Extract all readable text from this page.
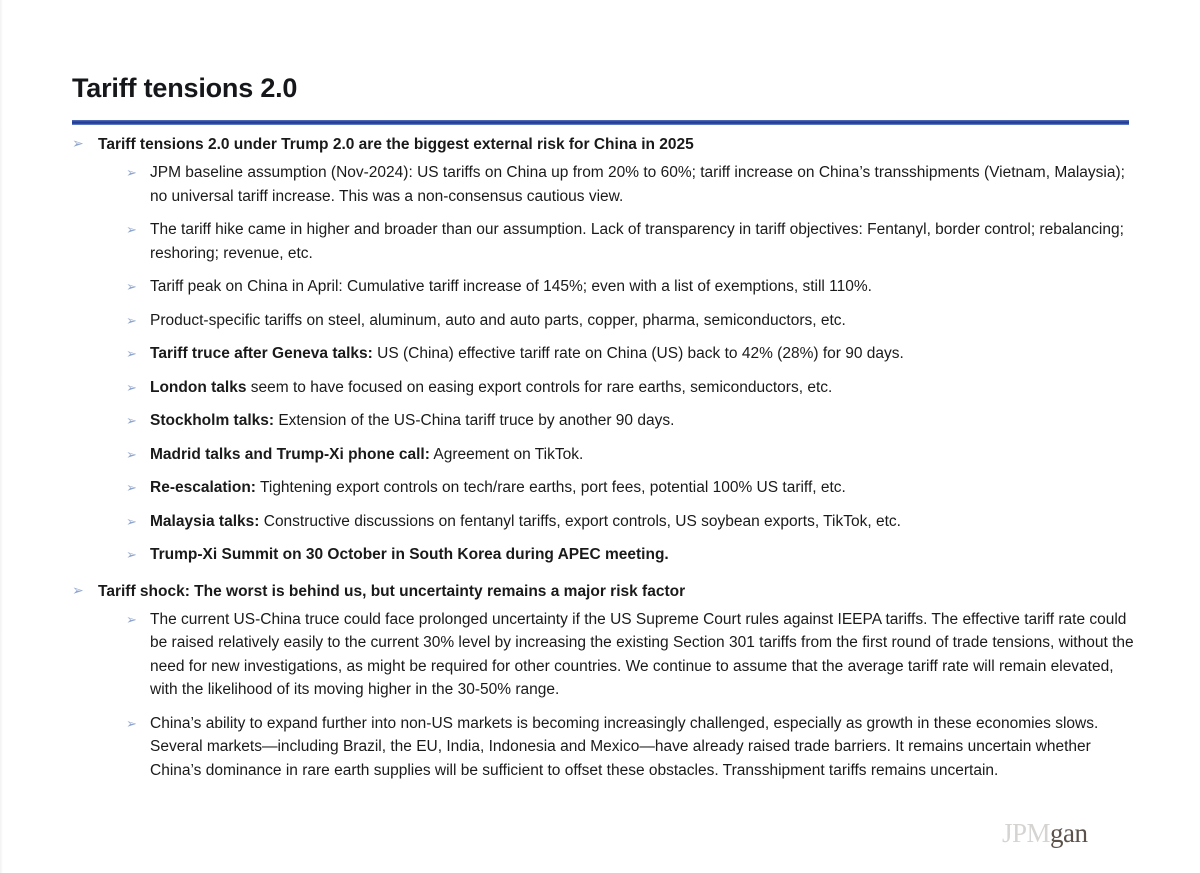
Tariff tensions 2.0
➢ Tariff tensions 2.0 under Trump 2.0 are the biggest external risk for China in 2025
➢ JPM baseline assumption (Nov-2024): US tariffs on China up from 20% to 60%; tariff increase on China’s transshipments (Vietnam, Malaysia); no universal tariff increase. This was a non-consensus cautious view.
➢ The tariff hike came in higher and broader than our assumption. Lack of transparency in tariff objectives: Fentanyl, border control; rebalancing; reshoring; revenue, etc.
➢ Tariff peak on China in April: Cumulative tariff increase of 145%; even with a list of exemptions, still 110%.
➢ Product-specific tariffs on steel, aluminum, auto and auto parts, copper, pharma, semiconductors, etc.
➢ Tariff truce after Geneva talks: US (China) effective tariff rate on China (US) back to 42% (28%) for 90 days.
➢ London talks seem to have focused on easing export controls for rare earths, semiconductors, etc.
➢ Stockholm talks: Extension of the US-China tariff truce by another 90 days.
➢ Madrid talks and Trump-Xi phone call: Agreement on TikTok.
➢ Re-escalation: Tightening export controls on tech/rare earths, port fees, potential 100% US tariff, etc.
➢ Malaysia talks: Constructive discussions on fentanyl tariffs, export controls, US soybean exports, TikTok, etc.
➢ Trump-Xi Summit on 30 October in South Korea during APEC meeting.
➢ Tariff shock: The worst is behind us, but uncertainty remains a major risk factor
➢ The current US-China truce could face prolonged uncertainty if the US Supreme Court rules against IEEPA tariffs. The effective tariff rate could be raised relatively easily to the current 30% level by increasing the existing Section 301 tariffs from the first round of trade tensions, without the need for new investigations, as might be required for other countries. We continue to assume that the average tariff rate will remain elevated, with the likelihood of its moving higher in the 30-50% range.
➢ China’s ability to expand further into non-US markets is becoming increasingly challenged, especially as growth in these economies slows. Several markets—including Brazil, the EU, India, Indonesia and Mexico—have already raised trade barriers. It remains uncertain whether China’s dominance in rare earth supplies will be sufficient to offset these obstacles. Transshipment tariffs remains uncertain.
JPMgan
